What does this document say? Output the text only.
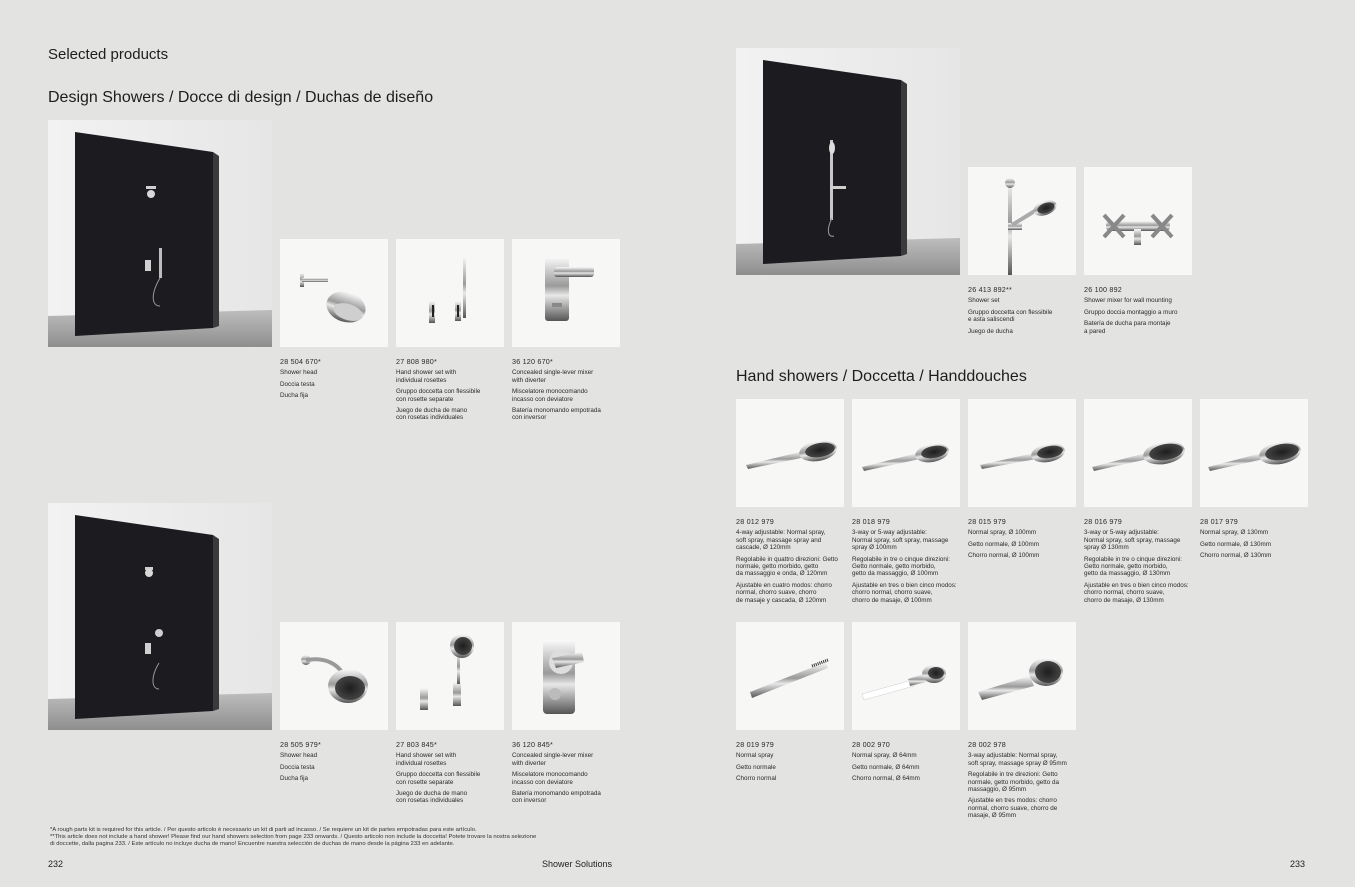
Selected products
Design Showers / Docce di design / Duchas de diseño
28 504 670*
Shower head
Doccia testa
Ducha fija
27 808 980*
Hand shower set with
individual rosettes
Gruppo doccetta con flessibile
con rosette separate
Juego de ducha de mano
con rosetas individuales
36 120 670*
Concealed single-lever mixer
with diverter
Miscelatore monocomando
incasso con deviatore
Batería monomando empotrada
con inversor
28 505 979*
Shower head
Doccia testa
Ducha fija
27 803 845*
Hand shower set with
individual rosettes
Gruppo doccetta con flessibile
con rosette separate
Juego de ducha de mano
con rosetas individuales
36 120 845*
Concealed single-lever mixer
with diverter
Miscelatore monocomando
incasso con deviatore
Batería monomando empotrada
con inversor
*A rough parts kit is required for this article. / Per questo articolo è necessario un kit di parti ad incasso. / Se requiere un kit de partes empotradas para este artículo.
**This article does not include a hand shower! Please find our hand showers selection from page 233 onwards. / Questo articolo non include la doccetta! Potete trovare la nostra selezione
di doccette, dalla pagina 233. / Este artículo no incluye ducha de mano! Encuentre nuestra selección de duchas de mano desde la página 233 en adelante.
232	Shower Solutions
26 413 892**
Shower set
Gruppo doccetta con flessibile
e asta saliscendi
Juego de ducha
26 100 892
Shower mixer for wall mounting
Gruppo doccia montaggio a muro
Batería de ducha para montaje
a pared
Hand showers / Doccetta / Handdouches
28 012 979
4-way adjustable: Normal spray,
soft spray, massage spray and
cascade, Ø 120mm
Regolabile in quattro direzioni: Getto
normale, getto morbido, getto
da massaggio e onda, Ø 120mm
Ajustable en cuatro modos: chorro
normal, chorro suave, chorro
de masaje y cascada, Ø 120mm
28 018 979
3-way or 5-way adjustable:
Normal spray, soft spray, massage
spray Ø 100mm
Regolabile in tre o cinque direzioni:
Getto normale, getto morbido,
getto da massaggio, Ø 100mm
Ajustable en tres o bien cinco modos:
chorro normal, chorro suave,
chorro de masaje, Ø 100mm
28 015 979
Normal spray, Ø 100mm
Getto normale, Ø 100mm
Chorro normal, Ø 100mm
28 016 979
3-way or 5-way adjustable:
Normal spray, soft spray, massage
spray Ø 130mm
Regolabile in tre o cinque direzioni:
Getto normale, getto morbido,
getto da massaggio, Ø 130mm
Ajustable en tres o bien cinco modos:
chorro normal, chorro suave,
chorro de masaje, Ø 130mm
28 017 979
Normal spray, Ø 130mm
Getto normale, Ø 130mm
Chorro normal, Ø 130mm
28 019 979
Normal spray
Getto normale
Chorro normal
28 002 970
Normal spray, Ø 64mm
Getto normale, Ø 64mm
Chorro normal, Ø 64mm
28 002 978
3-way adjustable: Normal spray,
soft spray, massage spray Ø 95mm
Regolabile in tre direzioni: Getto
normale, getto morbido, getto da
massaggio, Ø 95mm
Ajustable en tres modos: chorro
normal, chorro suave, chorro de
masaje, Ø 95mm
233
